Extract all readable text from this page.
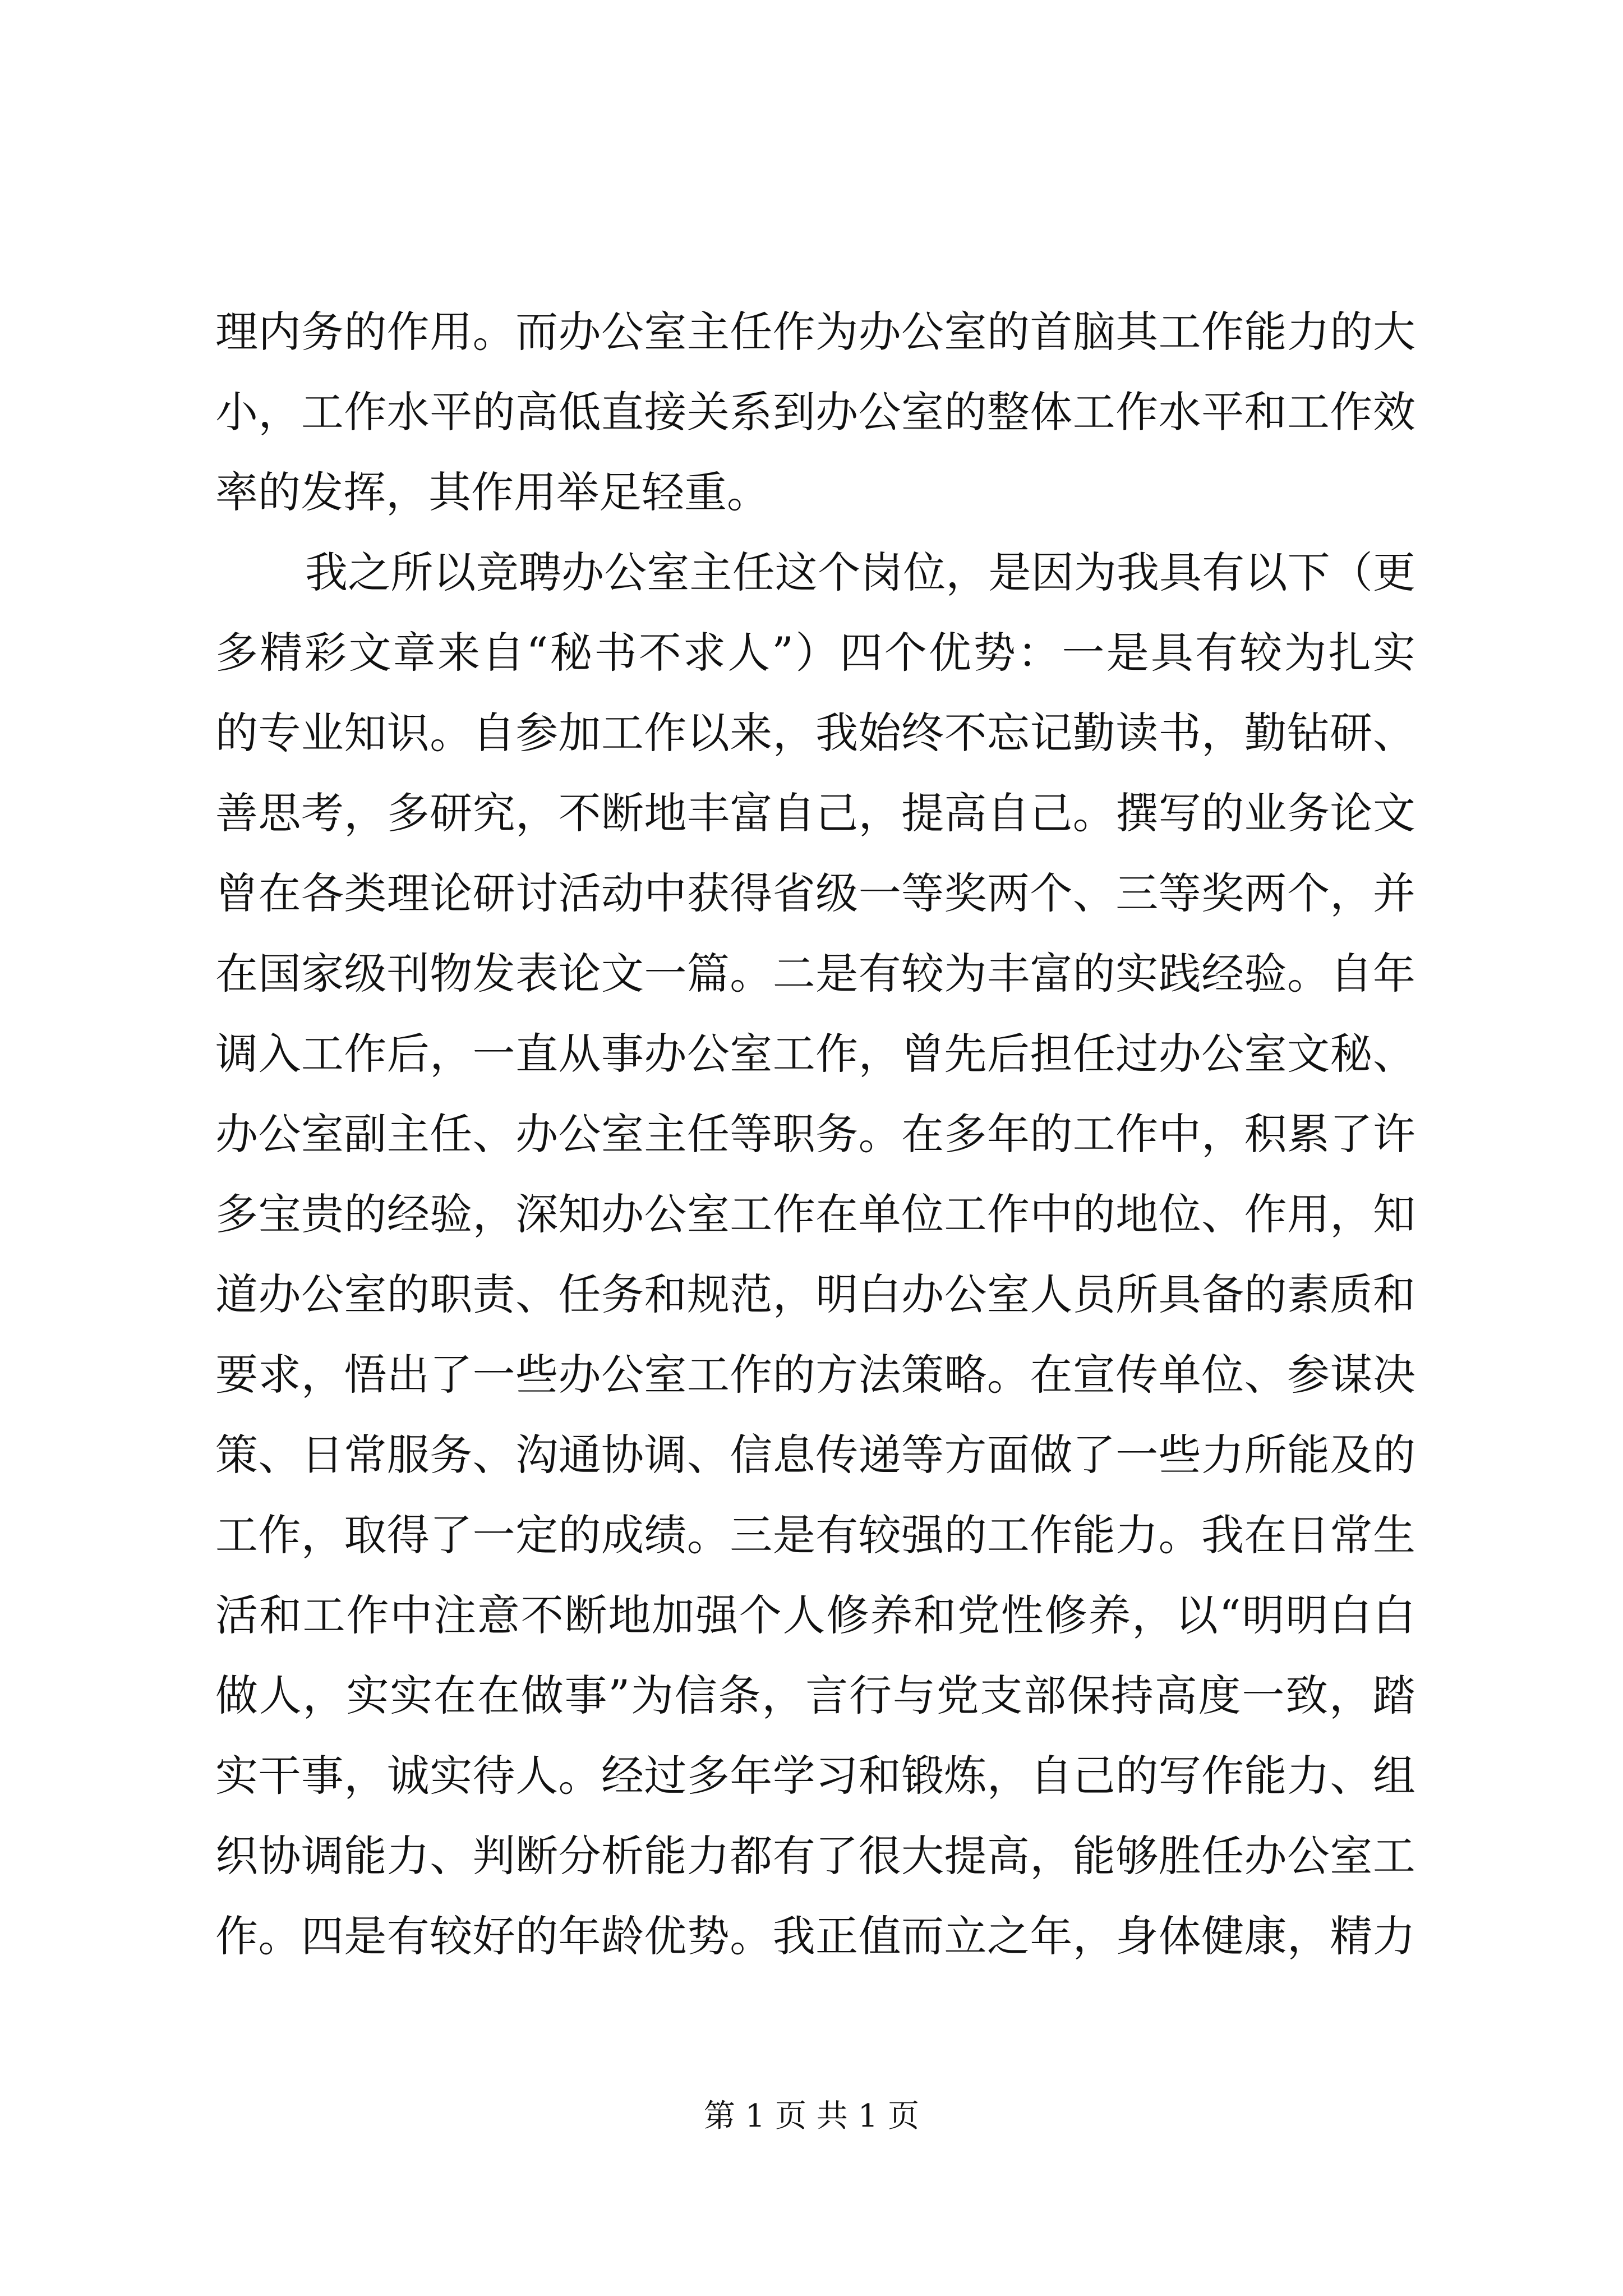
理 内 务 的 作 用 。 而 办 公 室 主 任 作 为 办 公 室 的 首 脑 其 工 作 能 力 的 大
小 ， 工 作 水 平 的 高 低 直 接 关 系 到 办 公 室 的 整 体 工 作 水 平 和 工 作 效
率的发挥，其作用举足轻重。
我 之 所 以 竞 聘 办 公 室 主 任 这 个 岗 位 ， 是 因 为 我 具 有 以 下 （ 更
多 精 彩 文 章 来 自 “ 秘 书 不 求 人 ” ） 四 个 优 势 ： 一 是 具 有 较 为 扎 实
的 专 业 知 识 。 自 参 加 工 作 以 来 ， 我 始 终 不 忘 记 勤 读 书 ， 勤 钻 研 、
善 思 考 ， 多 研 究 ， 不 断 地 丰 富 自 己 ， 提 高 自 己 。 撰 写 的 业 务 论 文
曾 在 各 类 理 论 研 讨 活 动 中 获 得 省 级 一 等 奖 两 个 、 三 等 奖 两 个 ， 并
在 国 家 级 刊 物 发 表 论 文 一 篇 。 二 是 有 较 为 丰 富 的 实 践 经 验 。 自 年
调 入 工 作 后 ， 一 直 从 事 办 公 室 工 作 ， 曾 先 后 担 任 过 办 公 室 文 秘 、
办 公 室 副 主 任 、 办 公 室 主 任 等 职 务 。 在 多 年 的 工 作 中 ， 积 累 了 许
多 宝 贵 的 经 验 ， 深 知 办 公 室 工 作 在 单 位 工 作 中 的 地 位 、 作 用 ， 知
道 办 公 室 的 职 责 、 任 务 和 规 范 ， 明 白 办 公 室 人 员 所 具 备 的 素 质 和
要 求 ， 悟 出 了 一 些 办 公 室 工 作 的 方 法 策 略 。 在 宣 传 单 位 、 参 谋 决
策 、 日 常 服 务 、 沟 通 协 调 、 信 息 传 递 等 方 面 做 了 一 些 力 所 能 及 的
工 作 ， 取 得 了 一 定 的 成 绩 。 三 是 有 较 强 的 工 作 能 力 。 我 在 日 常 生
活 和 工 作 中 注 意 不 断 地 加 强 个 人 修 养 和 党 性 修 养 ， 以 “ 明 明 白 白
做 人 ， 实 实 在 在 做 事 ” 为 信 条 ， 言 行 与 党 支 部 保 持 高 度 一 致 ， 踏
实 干 事 ， 诚 实 待 人 。 经 过 多 年 学 习 和 锻 炼 ， 自 己 的 写 作 能 力 、 组
织 协 调 能 力 、 判 断 分 析 能 力 都 有 了 很 大 提 高 ， 能 够 胜 任 办 公 室 工
作 。 四 是 有 较 好 的 年 龄 优 势 。 我 正 值 而 立 之 年 ， 身 体 健 康 ， 精 力
第 1 页 共 1 页
